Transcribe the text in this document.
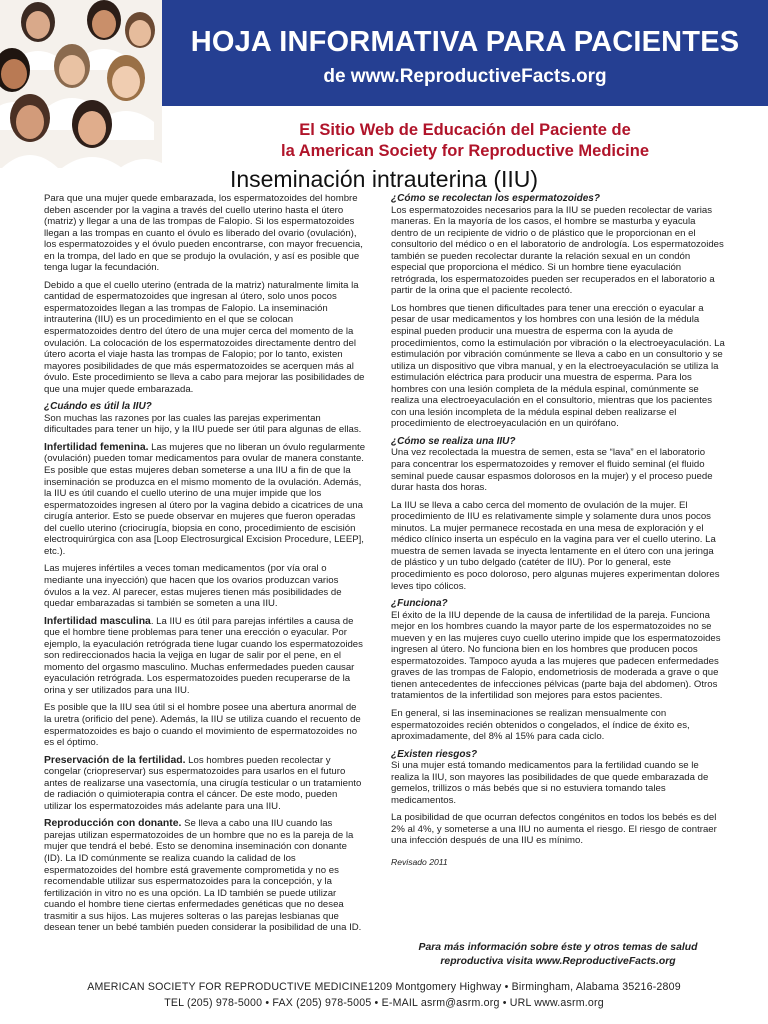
HOJA INFORMATIVA PARA PACIENTES
de www.ReproductiveFacts.org
El Sitio Web de Educación del Paciente de
la American Society for Reproductive Medicine
Inseminación intrauterina (IIU)

Para que una mujer quede embarazada, los espermatozoides del hombre deben ascender por la vagina a través del cuello uterino hasta el útero (matriz) y llegar a una de las trompas de Falopio. Si los espermatozoides llegan a las trompas en cuanto el óvulo es liberado del ovario (ovulación), los espermatozoides y el óvulo pueden encontrarse, con mayor frecuencia, en la trompa, del lado en que se produjo la ovulación, y así es posible que tenga lugar la fecundación.

Debido a que el cuello uterino (entrada de la matriz) naturalmente limita la cantidad de espermatozoides que ingresan al útero, solo unos pocos espermatozoides llegan a las trompas de Falopio. La inseminación intrauterina (IIU) es un procedimiento en el que se colocan espermatozoides dentro del útero de una mujer cerca del momento de la ovulación. La colocación de los espermatozoides directamente dentro del útero acorta el viaje hasta las trompas de Falopio; por lo tanto, existen mayores posibilidades de que más espermatozoides se acerquen más al óvulo. Este procedimiento se lleva a cabo para mejorar las posibilidades de que una mujer quede embarazada.

¿Cuándo es útil la IIU?

Son muchas las razones por las cuales las parejas experimentan dificultades para tener un hijo, y la IIU puede ser útil para algunas de ellas.

Infertilidad femenina. Las mujeres que no liberan un óvulo regularmente (ovulación) pueden tomar medicamentos para ovular de manera constante. Es posible que estas mujeres deban someterse a una IIU a fin de que la inseminación se produzca en el mismo momento de la ovulación. Además, la IIU es útil cuando el cuello uterino de una mujer impide que los espermatozoides ingresen al útero por la vagina debido a cicatrices de una cirugía anterior. Esto se puede observar en mujeres que fueron operadas del cuello uterino (criocirugía, biopsia en cono, procedimiento de escisión electroquirúrgica con asa [Loop Electrosurgical Excision Procedure, LEEP], etc.).

Las mujeres infértiles a veces toman medicamentos (por vía oral o mediante una inyección) que hacen que los ovarios produzcan varios óvulos a la vez. Al parecer, estas mujeres tienen más posibilidades de quedar embarazadas si también se someten a una IIU.

Infertilidad masculina. La IIU es útil para parejas infértiles a causa de que el hombre tiene problemas para tener una erección o eyacular. Por ejemplo, la eyaculación retrógrada tiene lugar cuando los espermatozoides son redireccionados hacia la vejiga en lugar de salir por el pene, en el momento del orgasmo masculino. Muchas enfermedades pueden causar eyaculación retrógrada. Los espermatozoides pueden recuperarse de la orina y ser utilizados para una IIU.

Es posible que la IIU sea útil si el hombre posee una abertura anormal de la uretra (orificio del pene). Además, la IIU se utiliza cuando el recuento de espermatozoides es bajo o cuando el movimiento de espermatozoides no es el óptimo.

Preservación de la fertilidad. Los hombres pueden recolectar y congelar (criopreservar) sus espermatozoides para usarlos en el futuro antes de realizarse una vasectomía, una cirugía testicular o un tratamiento de radiación o quimioterapia contra el cáncer. De este modo, pueden utilizar los espermatozoides más adelante para una IIU.

Reproducción con donante. Se lleva a cabo una IIU cuando las parejas utilizan espermatozoides de un hombre que no es la pareja de la mujer que tendrá el bebé. Esto se denomina inseminación con donante (ID). La ID comúnmente se realiza cuando la calidad de los espermatozoides del hombre está gravemente comprometida y no es recomendable utilizar sus espermatozoides para la concepción, y la fertilización in vitro no es una opción. La ID también se puede utilizar cuando el hombre tiene ciertas enfermedades genéticas que no desea trasmitir a sus hijos. Las mujeres solteras o las parejas lesbianas que desean tener un bebé también pueden considerar la posibilidad de una ID.

¿Cómo se recolectan los espermatozoides?

Los espermatozoides necesarios para la IIU se pueden recolectar de varias maneras. En la mayoría de los casos, el hombre se masturba y eyacula dentro de un recipiente de vidrio o de plástico que le proporcionan en el consultorio del médico o en el laboratorio de andrología. Los espermatozoides también se pueden recolectar durante la relación sexual en un condón especial que proporciona el médico. Si un hombre tiene eyaculación retrógrada, los espermatozoides pueden ser recuperados en el laboratorio a partir de la orina que el paciente recolectó.

Los hombres que tienen dificultades para tener una erección o eyacular a pesar de usar medicamentos y los hombres con una lesión de la médula espinal pueden producir una muestra de esperma con la ayuda de procedimientos, como la estimulación por vibración o la electroeyaculación. La estimulación por vibración comúnmente se lleva a cabo en un consultorio y se utiliza un dispositivo que vibra manual, y en la electroeyaculación se utiliza la estimulación eléctrica para producir una muestra de esperma. Para los hombres con una lesión completa de la médula espinal, comúnmente se realiza una electroeyaculación en el consultorio, mientras que los pacientes con una lesión incompleta de la médula espinal deben realizarse el procedimiento de electroeyaculación en un quirófano.

¿Cómo se realiza una IIU?

Una vez recolectada la muestra de semen, esta se “lava” en el laboratorio para concentrar los espermatozoides y remover el fluido seminal (el fluido seminal puede causar espasmos dolorosos en la mujer) y el proceso puede durar hasta dos horas.

La IIU se lleva a cabo cerca del momento de ovulación de la mujer. El procedimiento de IIU es relativamente simple y solamente dura unos pocos minutos. La mujer permanece recostada en una mesa de exploración y el médico clínico inserta un espéculo en la vagina para ver el cuello uterino. La muestra de semen lavada se inyecta lentamente en el útero con una jeringa de plástico y un tubo delgado (catéter de IIU). Por lo general, este procedimiento es poco doloroso, pero algunas mujeres experimentan dolores leves tipo cólicos.

¿Funciona?

El éxito de la IIU depende de la causa de infertilidad de la pareja. Funciona mejor en los hombres cuando la mayor parte de los espermatozoides no se mueven y en las mujeres cuyo cuello uterino impide que los espermatozoides ingresen al útero. No funciona bien en los hombres que producen pocos espermatozoides. Tampoco ayuda a las mujeres que padecen enfermedades graves de las trompas de Falopio, endometriosis de moderada a grave o que tienen antecedentes de infecciones pélvicas (parte baja del abdomen). Otros tratamientos de la infertilidad son mejores para estos pacientes.

En general, si las inseminaciones se realizan mensualmente con espermatozoides recién obtenidos o congelados, el índice de éxito es, aproximadamente, del 8% al 15% para cada ciclo.

¿Existen riesgos?

Si una mujer está tomando medicamentos para la fertilidad cuando se le realiza la IIU, son mayores las posibilidades de que quede embarazada de gemelos, trillizos o más bebés que si no estuviera tomando tales medicamentos.

La posibilidad de que ocurran defectos congénitos en todos los bebés es del 2% al 4%, y someterse a una IIU no aumenta el riesgo. El riesgo de contraer una infección después de una IIU es mínimo.

Revisado 2011
Para más información sobre éste y otros temas de salud
reproductiva visita www.ReproductiveFacts.org
AMERICAN SOCIETY FOR REPRODUCTIVE MEDICINE1209 Montgomery Highway • Birmingham, Alabama 35216-2809
TEL (205) 978-5000 • FAX (205) 978-5005 • E-MAIL asrm@asrm.org • URL www.asrm.org
